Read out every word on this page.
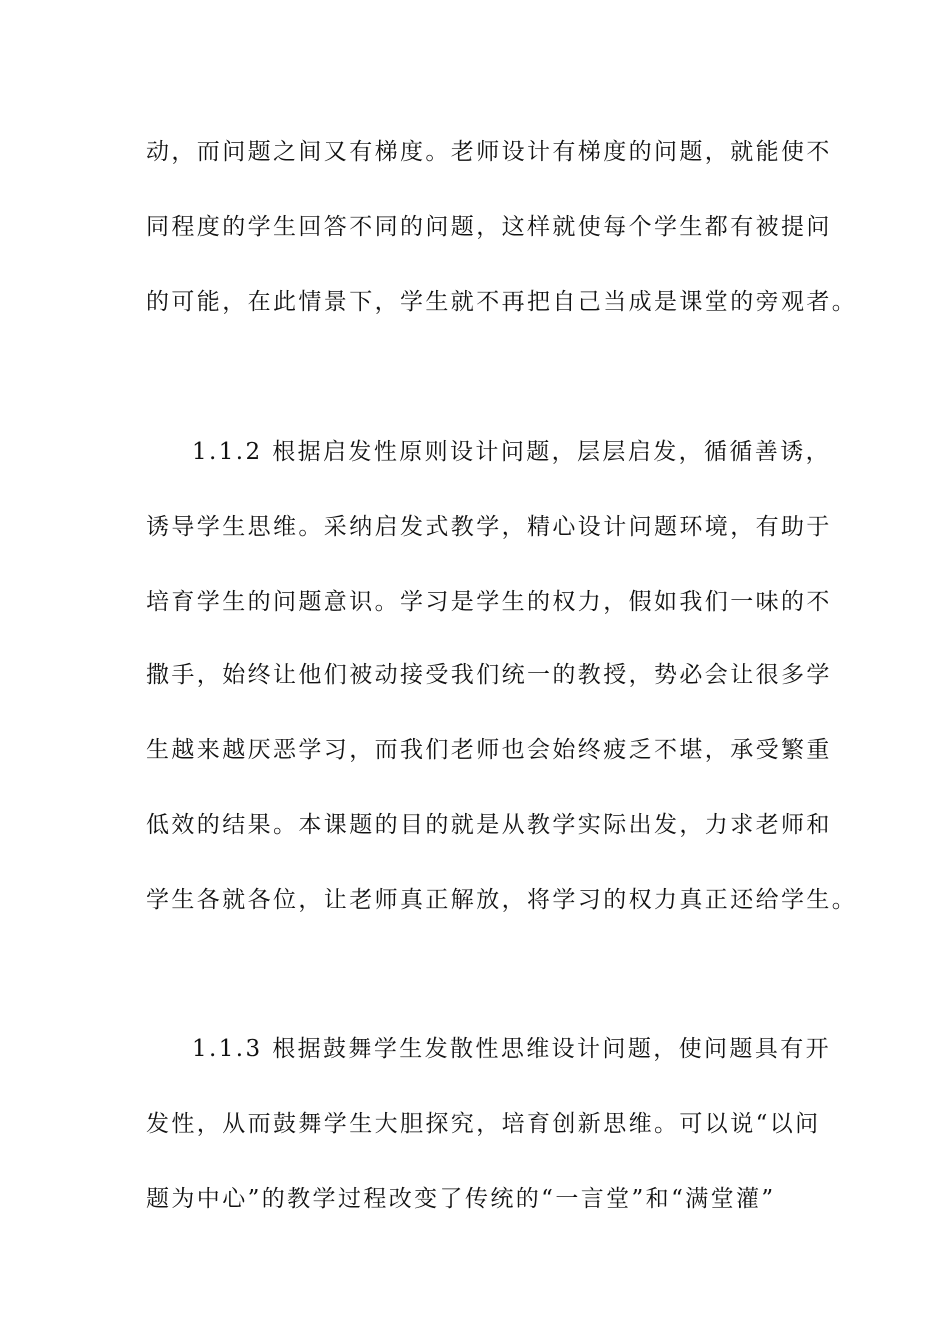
动，而问题之间又有梯度。老师设计有梯度的问题，就能使不
同程度的学生回答不同的问题，这样就使每个学生都有被提问
的可能，在此情景下，学生就不再把自己当成是课堂的旁观者。
1.1.2 根据启发性原则设计问题，层层启发，循循善诱，
诱导学生思维。采纳启发式教学，精心设计问题环境，有助于
培育学生的问题意识。学习是学生的权力，假如我们一味的不
撒手，始终让他们被动接受我们统一的教授，势必会让很多学
生越来越厌恶学习，而我们老师也会始终疲乏不堪，承受繁重
低效的结果。本课题的目的就是从教学实际出发，力求老师和
学生各就各位，让老师真正解放，将学习的权力真正还给学生。
1.1.3 根据鼓舞学生发散性思维设计问题，使问题具有开
发性，从而鼓舞学生大胆探究，培育创新思维。可以说“以问
题为中心”的教学过程改变了传统的“一言堂”和“满堂灌”
